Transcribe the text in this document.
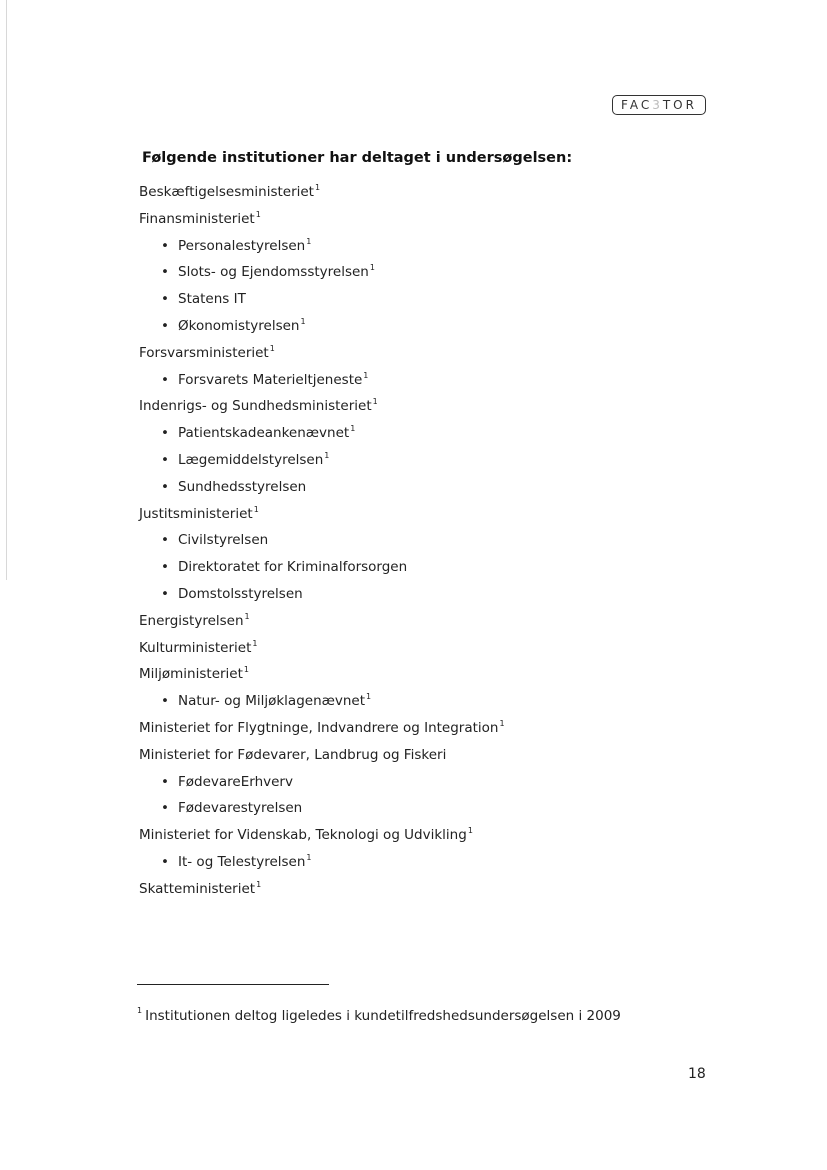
FAC 3 TOR
Følgende institutioner har deltaget i undersøgelsen:
Beskæftigelsesministeriet$^1$
Finansministeriet$^1$
• Personalestyrelsen$^1$
• Slots- og Ejendomsstyrelsen$^1$
• Statens IT
• Økonomistyrelsen$^1$
Forsvarsministeriet$^1$
• Forsvarets Materieltjeneste$^1$
Indenrigs- og Sundhedsministeriet$^1$
• Patientskadeankenævnet$^1$
• Lægemiddelstyrelsen$^1$
• Sundhedsstyrelsen
Justitsministeriet$^1$
• Civilstyrelsen
• Direktoratet for Kriminalforsorgen
• Domstolsstyrelsen
Energistyrelsen$^1$
Kulturministeriet$^1$
Miljøministeriet$^1$
• Natur- og Miljøklagenævnet$^1$
Ministeriet for Flygtninge, Indvandrere og Integration$^1$
Ministeriet for Fødevarer, Landbrug og Fiskeri
• FødevareErhverv
• Fødevarestyrelsen
Ministeriet for Videnskab, Teknologi og Udvikling$^1$
• It- og Telestyrelsen$^1$
Skatteministeriet$^1$
$^1$ Institutionen deltog ligeledes i kundetilfredshedsundersøgelsen i 2009
18
